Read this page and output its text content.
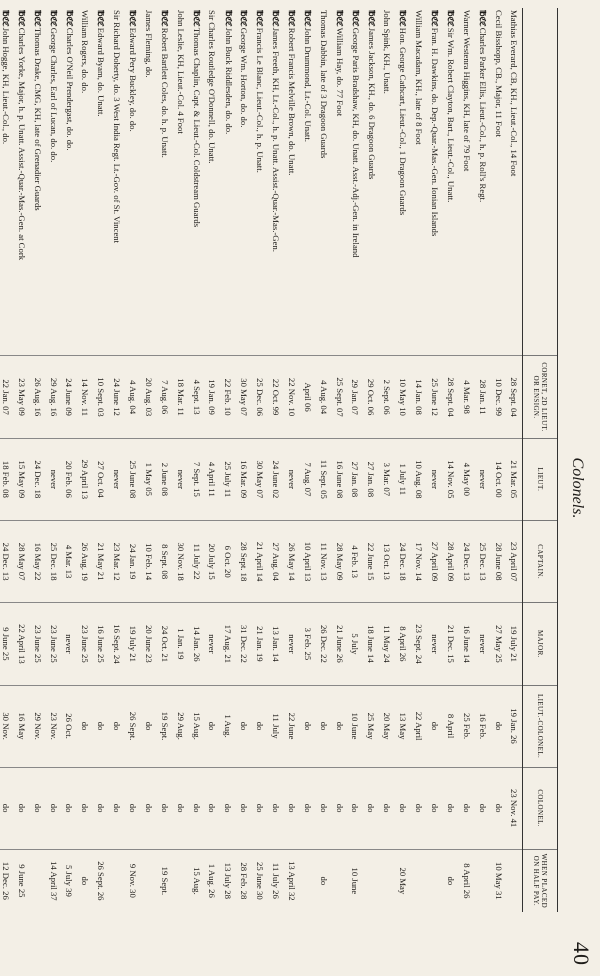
40
Colonels.
	CORNET, 2D LIEUT. OR ENSIGN.	LIEUT.	CAPTAIN.	MAJOR.	LIEUT.-COLONEL.	COLONEL.	WHEN PLACED ON HALF PAY.
Mathias Everard, CB, KH., Lieut.-Col., 14 Foot	28 Sept. 04	21 Mar. 05	23 April 07	19 July 21	19 Jan. 26	23 Nov. 41	
Cecil Bisshopp, CB., Major, 11 Foot	10 Dec. 99	14 Oct. 00	28 June 08	27 May 25	do	do	10 May 31
℔ ℭℭCharles Parker Ellis, Lieut.-Col., h. p. Roll's Regt.	28 Jan. 11	never	25 Dec. 13	never	16 Feb.	do	
Warner Westenra Higgins, KH, late of 79 Foot	4 Mar. 98	4 May 00	24 Dec. 13	16 June 14	25 Feb.	do	8 April 26
℔ ℭℭSir Wm. Robert Clayton, Bart., Lieut.-Col., Unatt.	28 Sept. 04	14 Nov. 05	28 April 09	21 Dec. 15	8 April	do	do
℔ ℭℭFran. H. Dawkins, do. Dep.-Quar.-Mas.-Gen. Ionian Islands	25 June 12	never	27 April 09	never	do	do	
William Macadam, KH., late of 8 Foot	14 Jan. 08	10 Aug. 08	17 Nov. 14	23 Sept. 24	22 April	do	
℔ ℭℭHon. George Cathcart, Lieut.-Col., 1 Dragoon Guards	10 May 10	1 July 11	24 Dec. 18	8 April 26	13 May	do	20 May
John Spink, KH., Unatt.	2 Sept. 06	3 Mar. 07	13 Oct. 13	11 May 24	20 May	do	
℔ ℭℭJames Jackson, KH., do. 6 Dragoon Guards	29 Oct. 06	27 Jan. 08	22 June 15	18 June 14	25 May	do	
℔ ℭℭGeorge Paris Bradshaw, KH, do. Unatt. Asst.-Adj.-Gen. in Ireland	29 Jan. 07	27 Jan. 08	4 Feb. 13	5 July	10 June	do	10 June
℔ ℭℭWilliam Hay, do. 77 Foot	25 Sept. 07	16 June 08	28 May 09	21 June 26	do	do	
Thomas Dabbin, late of 3 Dragoon Guards	4 Aug. 04	11 Sept. 05	11 Nov. 13	26 Dec. 22	do	do	do
℔ ℭℭJohn Drummond, Lt.-Col. Unatt.	April 06	7 Aug. 07	10 April 13	3 Feb. 25	do	do	
℔ ℭℭRobert Francis Melville Brown, do. Unatt.	22 Nov. 10	never	26 May 14	never	22 June	do	13 April 32
℔ ℭℭJames Freeth, KH, Lt.-Col., h. p. Unatt. Assist.-Quar.-Mas.-Gen.	22 Oct. 99	24 June 02	27 Aug. 04	13 Jan. 14	11 July	do	11 July 26
℔ ℭℭFrancis Le Blanc, Lieut.-Col., h. p. Unatt.	25 Dec. 06	30 May 07	21 April 14	21 Jan. 19	do	do	25 June 30
℔ ℭℭGeorge Wm. Horton, do. do.	30 May 07	16 Mar. 09	28 Sept. 18	31 Dec. 22	do	do	28 Feb. 28
℔ ℭℭJohn Buck Riddlesden, do. do.	22 Feb. 10	25 July 11	6 Oct. 20	17 Aug. 21	1 Aug.	do	13 July 28
Sir Charles Routledge O'Donnell, do. Unatt.	19 Jan. 09	4 April 11	20 July 15	never	do	do	1 Aug. 26
℔ ℭℭThomas Chaplin, Capt. & Lieut.-Col. Coldstream Guards	4 Sept. 13	7 Sept. 15	11 July 22	14 Jan. 26	15 Aug.	do	15 Aug.
John Leslie, KH, Lieut.-Col. 4 Foot	18 Mar. 11	never	30 Nov. 18	1 Jan. 19	29 Aug.	do	
℔ ℭℭRobert Bartlett Coles, do. h. p. Unatt.	7 Aug. 06	2 June 08	8 Sept. 08	24 Oct. 21	19 Sept.	do	19 Sept.
James Fleming, do.	20 Aug. 03	1 May 05	10 Feb. 14	20 June 23	do	do	
℔ ℭℭEdward Pery Buckley, do. do.	4 Aug. 04	25 June 08	24 Jan. 19	19 July 21	26 Sept.	do	9 Nov. 30
Sir Richard Doherty, do. 3 West India Regt. Lt.-Gov. of St. Vincent	24 June 12	never	23 Mar. 12	16 Sept. 24	do	do	
℔ ℭℭEdward Byam, do. Unatt.	10 Sept. 03	27 Oct. 04	21 May 21	16 June 25	do	do	26 Sept. 26
William Rogers, do. do.	14 Nov. 11	29 April 13	26 Aug. 19	23 June 25	do	do	do
℔ ℭℭCharles O'Neil Prendergast, do. do.	24 June 09	20 Feb. 06	4 Mar. 13	never	26 Oct.	do	5 July 39
℔ ℭℭGeorge Charles, Earl of Lucan, do. do.	29 Aug. 16	never	25 Dec. 18	23 June 25	23 Nov.	do	14 April 37
℔ ℭℭThomas Drake, CMG, KH, late of Grenadier Guards	26 Aug. 16	24 Dec. 18	16 May 22	23 June 25	29 Nov.	do	
℔ ℭℭCharles Yorke, Major, h. p. Unatt. Assist.-Quar.-Mas.-Gen. at Cork	23 May 09	15 May 09	28 May 07	22 April 13	16 May	do	9 June 25
℔ ℭℭJohn Hogge, KH, Lieut.-Col., do.	22 Jan. 07	18 Feb. 08	24 Dec. 13	9 June 25	30 Nov.	do	12 Dec. 26
